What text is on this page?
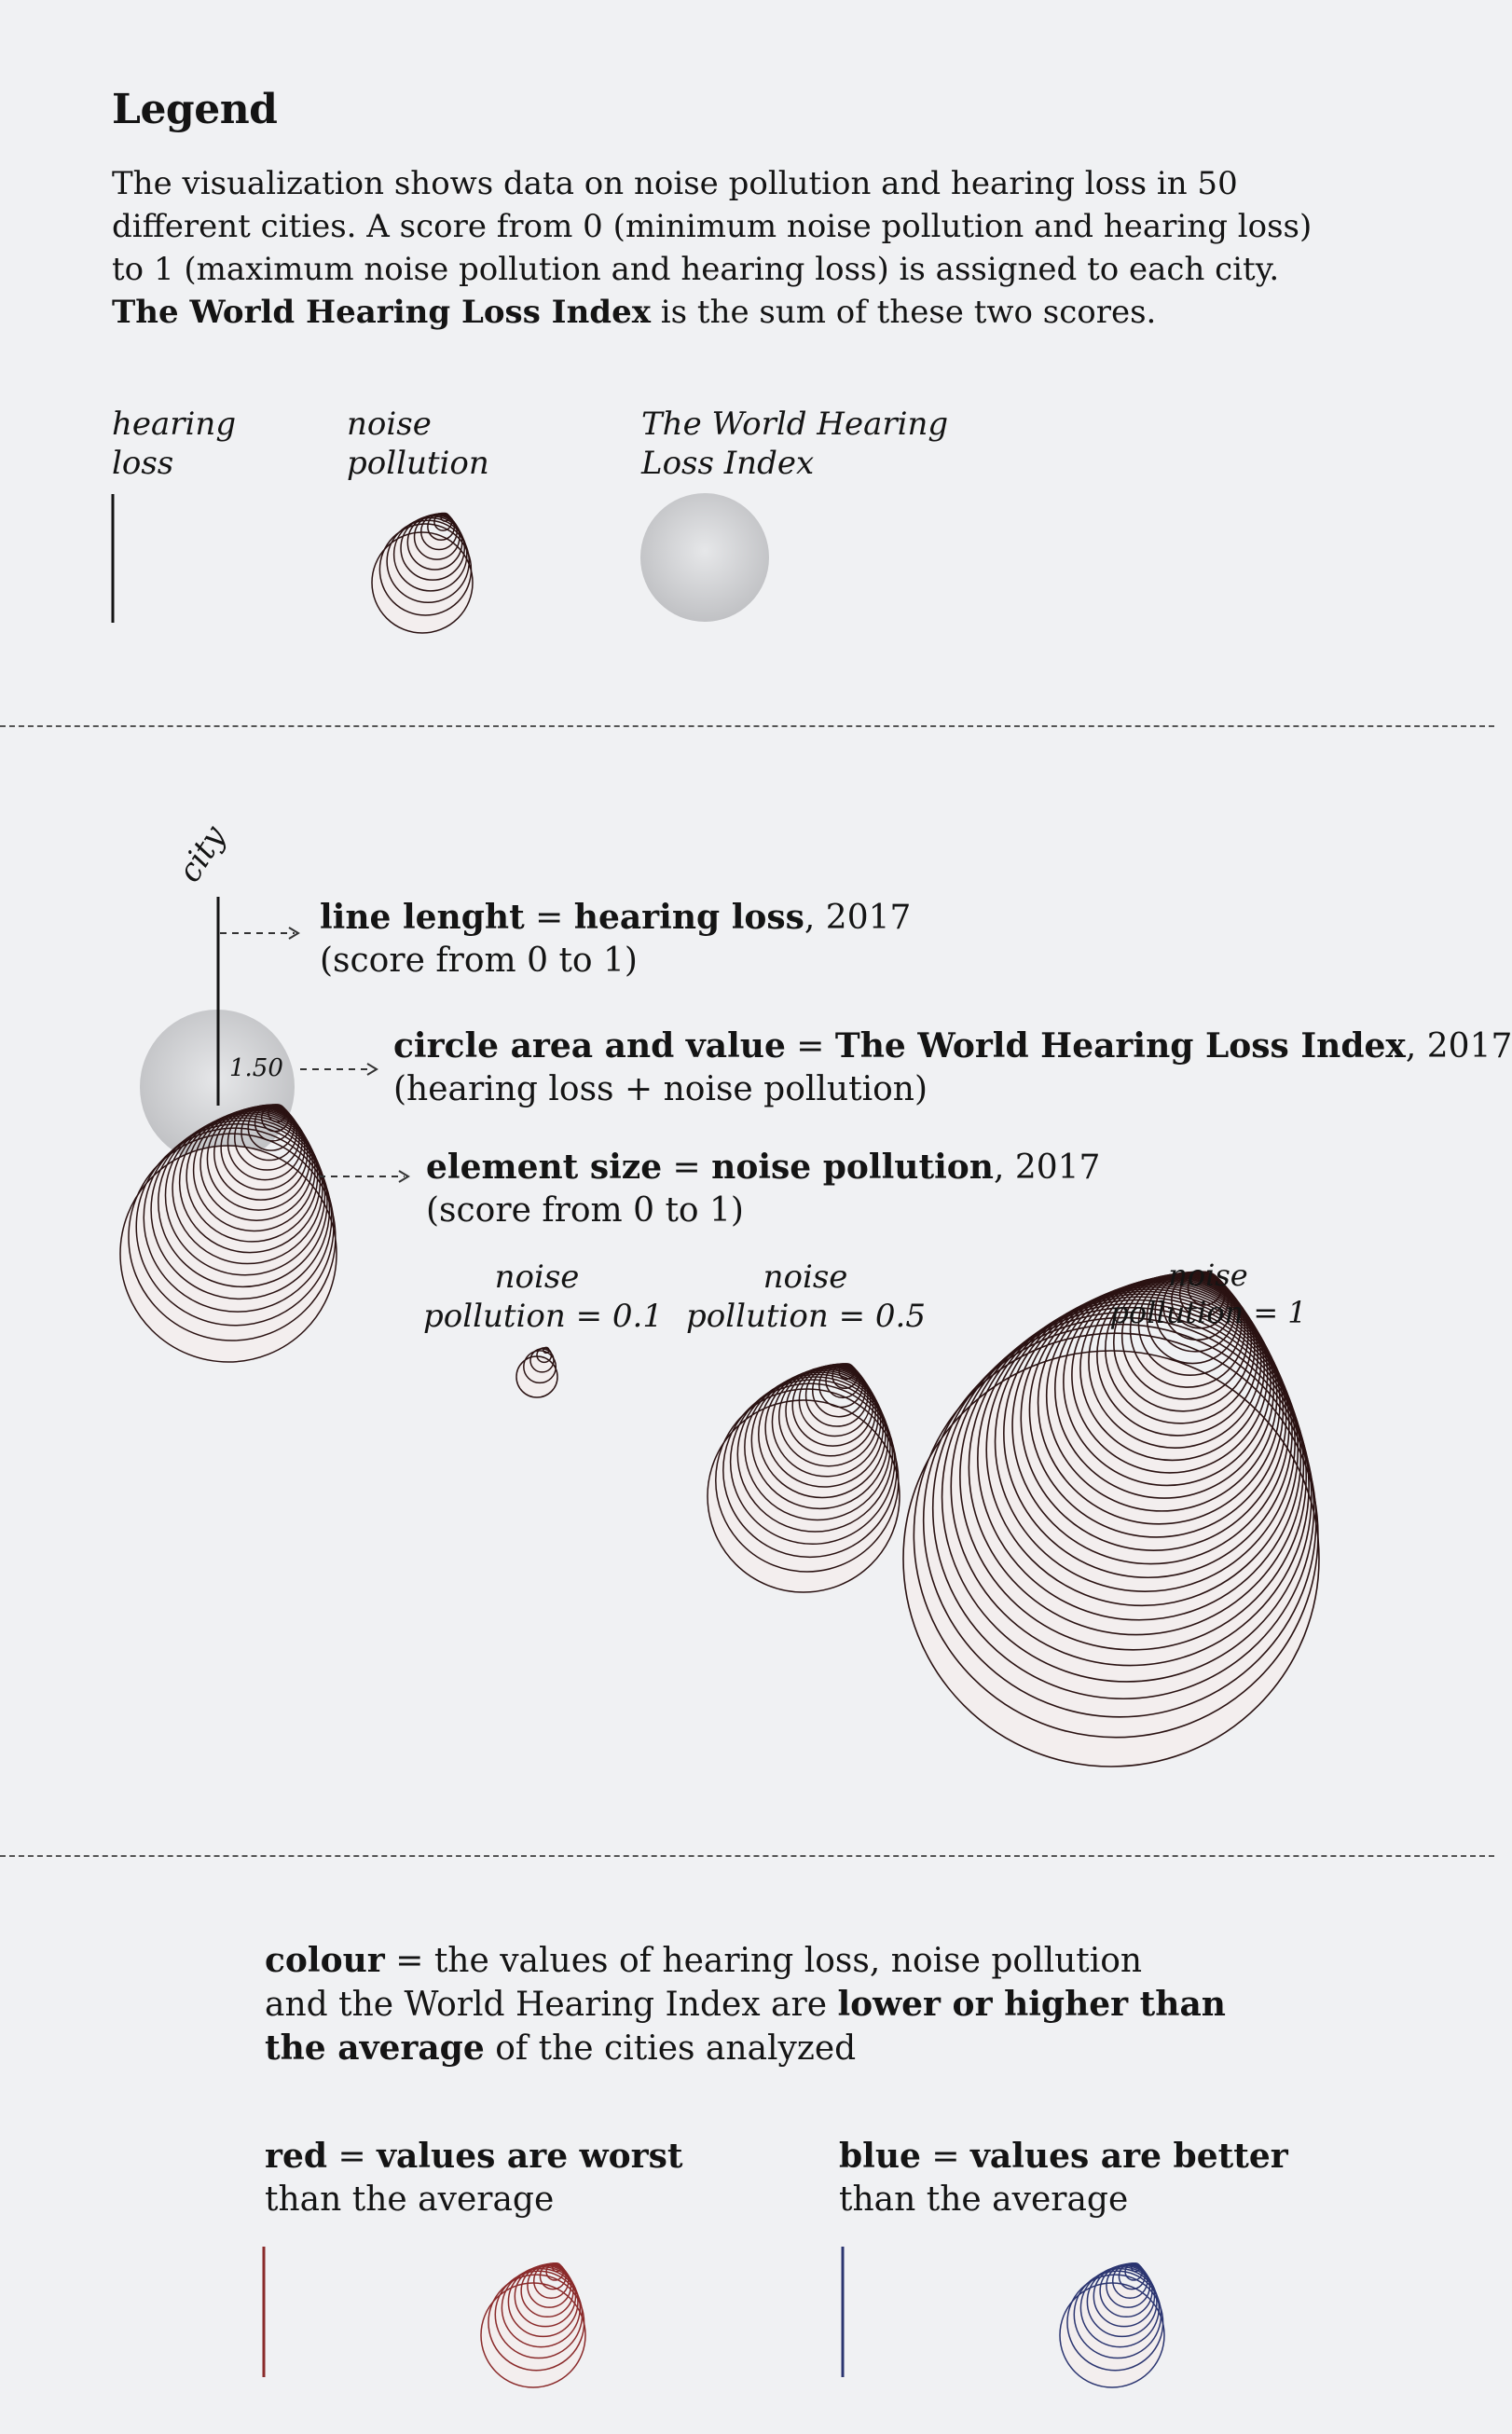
Legend

The visualization shows data on noise pollution and hearing loss in 50

different cities. A score from 0 (minimum noise pollution and hearing loss)

to 1 (maximum noise pollution and hearing loss) is assigned to each city.

The World Hearing Loss Index is the sum of these two scores.

hearing
loss
noise
pollution
The World Hearing
Loss Index
city
1.50

line lenght = hearing loss, 2017

(score from 0 to 1)

circle area and value = The World Hearing Loss Index, 2017

(hearing loss + noise pollution)

element size = noise pollution, 2017

(score from 0 to 1)

noise
pollution = 0.1
noise
pollution = 0.5
noise
pollution = 1

colour = the values of hearing loss, noise pollution

and the World Hearing Index are lower or higher than

the average of the cities analyzed

red = values are worst

than the average

blue = values are better

than the average
